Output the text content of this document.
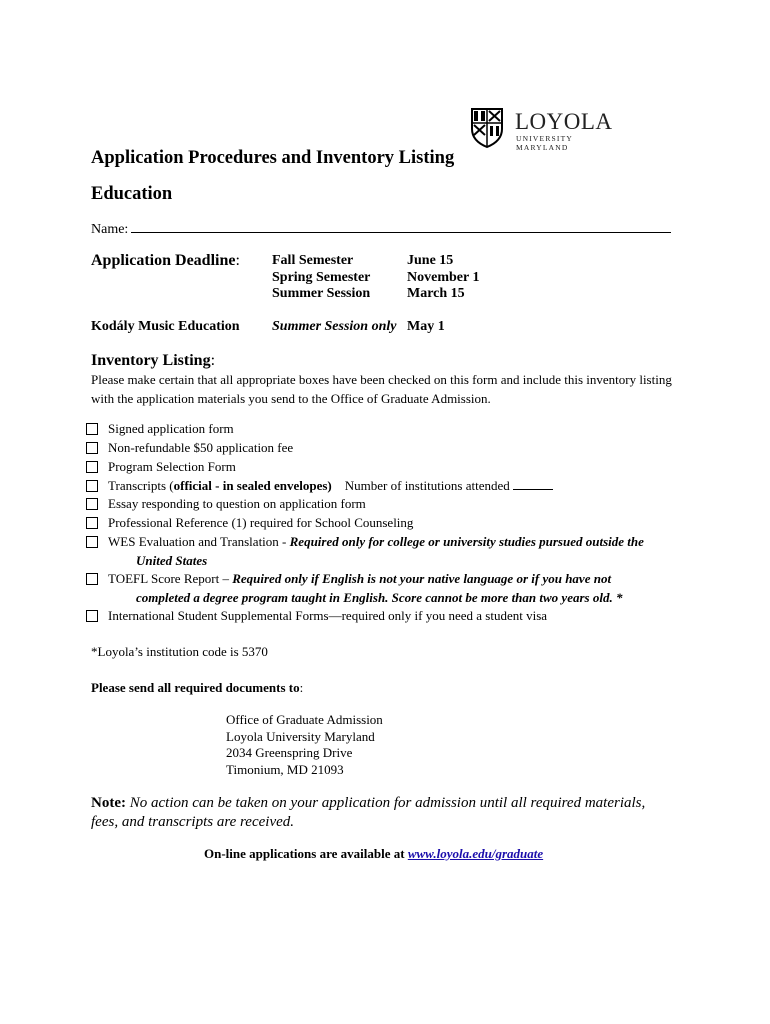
LOYOLA
UNIVERSITY MARYLAND
Application Procedures and Inventory Listing
Education
Name:
Application Deadline: Fall Semester
Spring Semester
Summer Session
June 15
November 1
March 15
Kodály Music Education Summer Session only May 1
Inventory Listing:
Please make certain that all appropriate boxes have been checked on this form and include this inventory listing with the application materials you send to the Office of Graduate Admission.
Signed application form
Non-refundable $50 application fee
Program Selection Form
Transcripts (official - in sealed envelopes)    Number of institutions attended
Essay responding to question on application form
Professional Reference (1) required for School Counseling
WES Evaluation and Translation - Required only for college or university studies pursued outside the
United States
TOEFL Score Report – Required only if English is not your native language or if you have not
completed a degree program taught in English. Score cannot be more than two years old. *
International Student Supplemental Forms—required only if you need a student visa
*Loyola’s institution code is 5370
Please send all required documents to:
Office of Graduate Admission
Loyola University Maryland
2034 Greenspring Drive
Timonium, MD 21093
Note: No action can be taken on your application for admission until all required materials, fees, and transcripts are received.
On-line applications are available at www.loyola.edu/graduate
